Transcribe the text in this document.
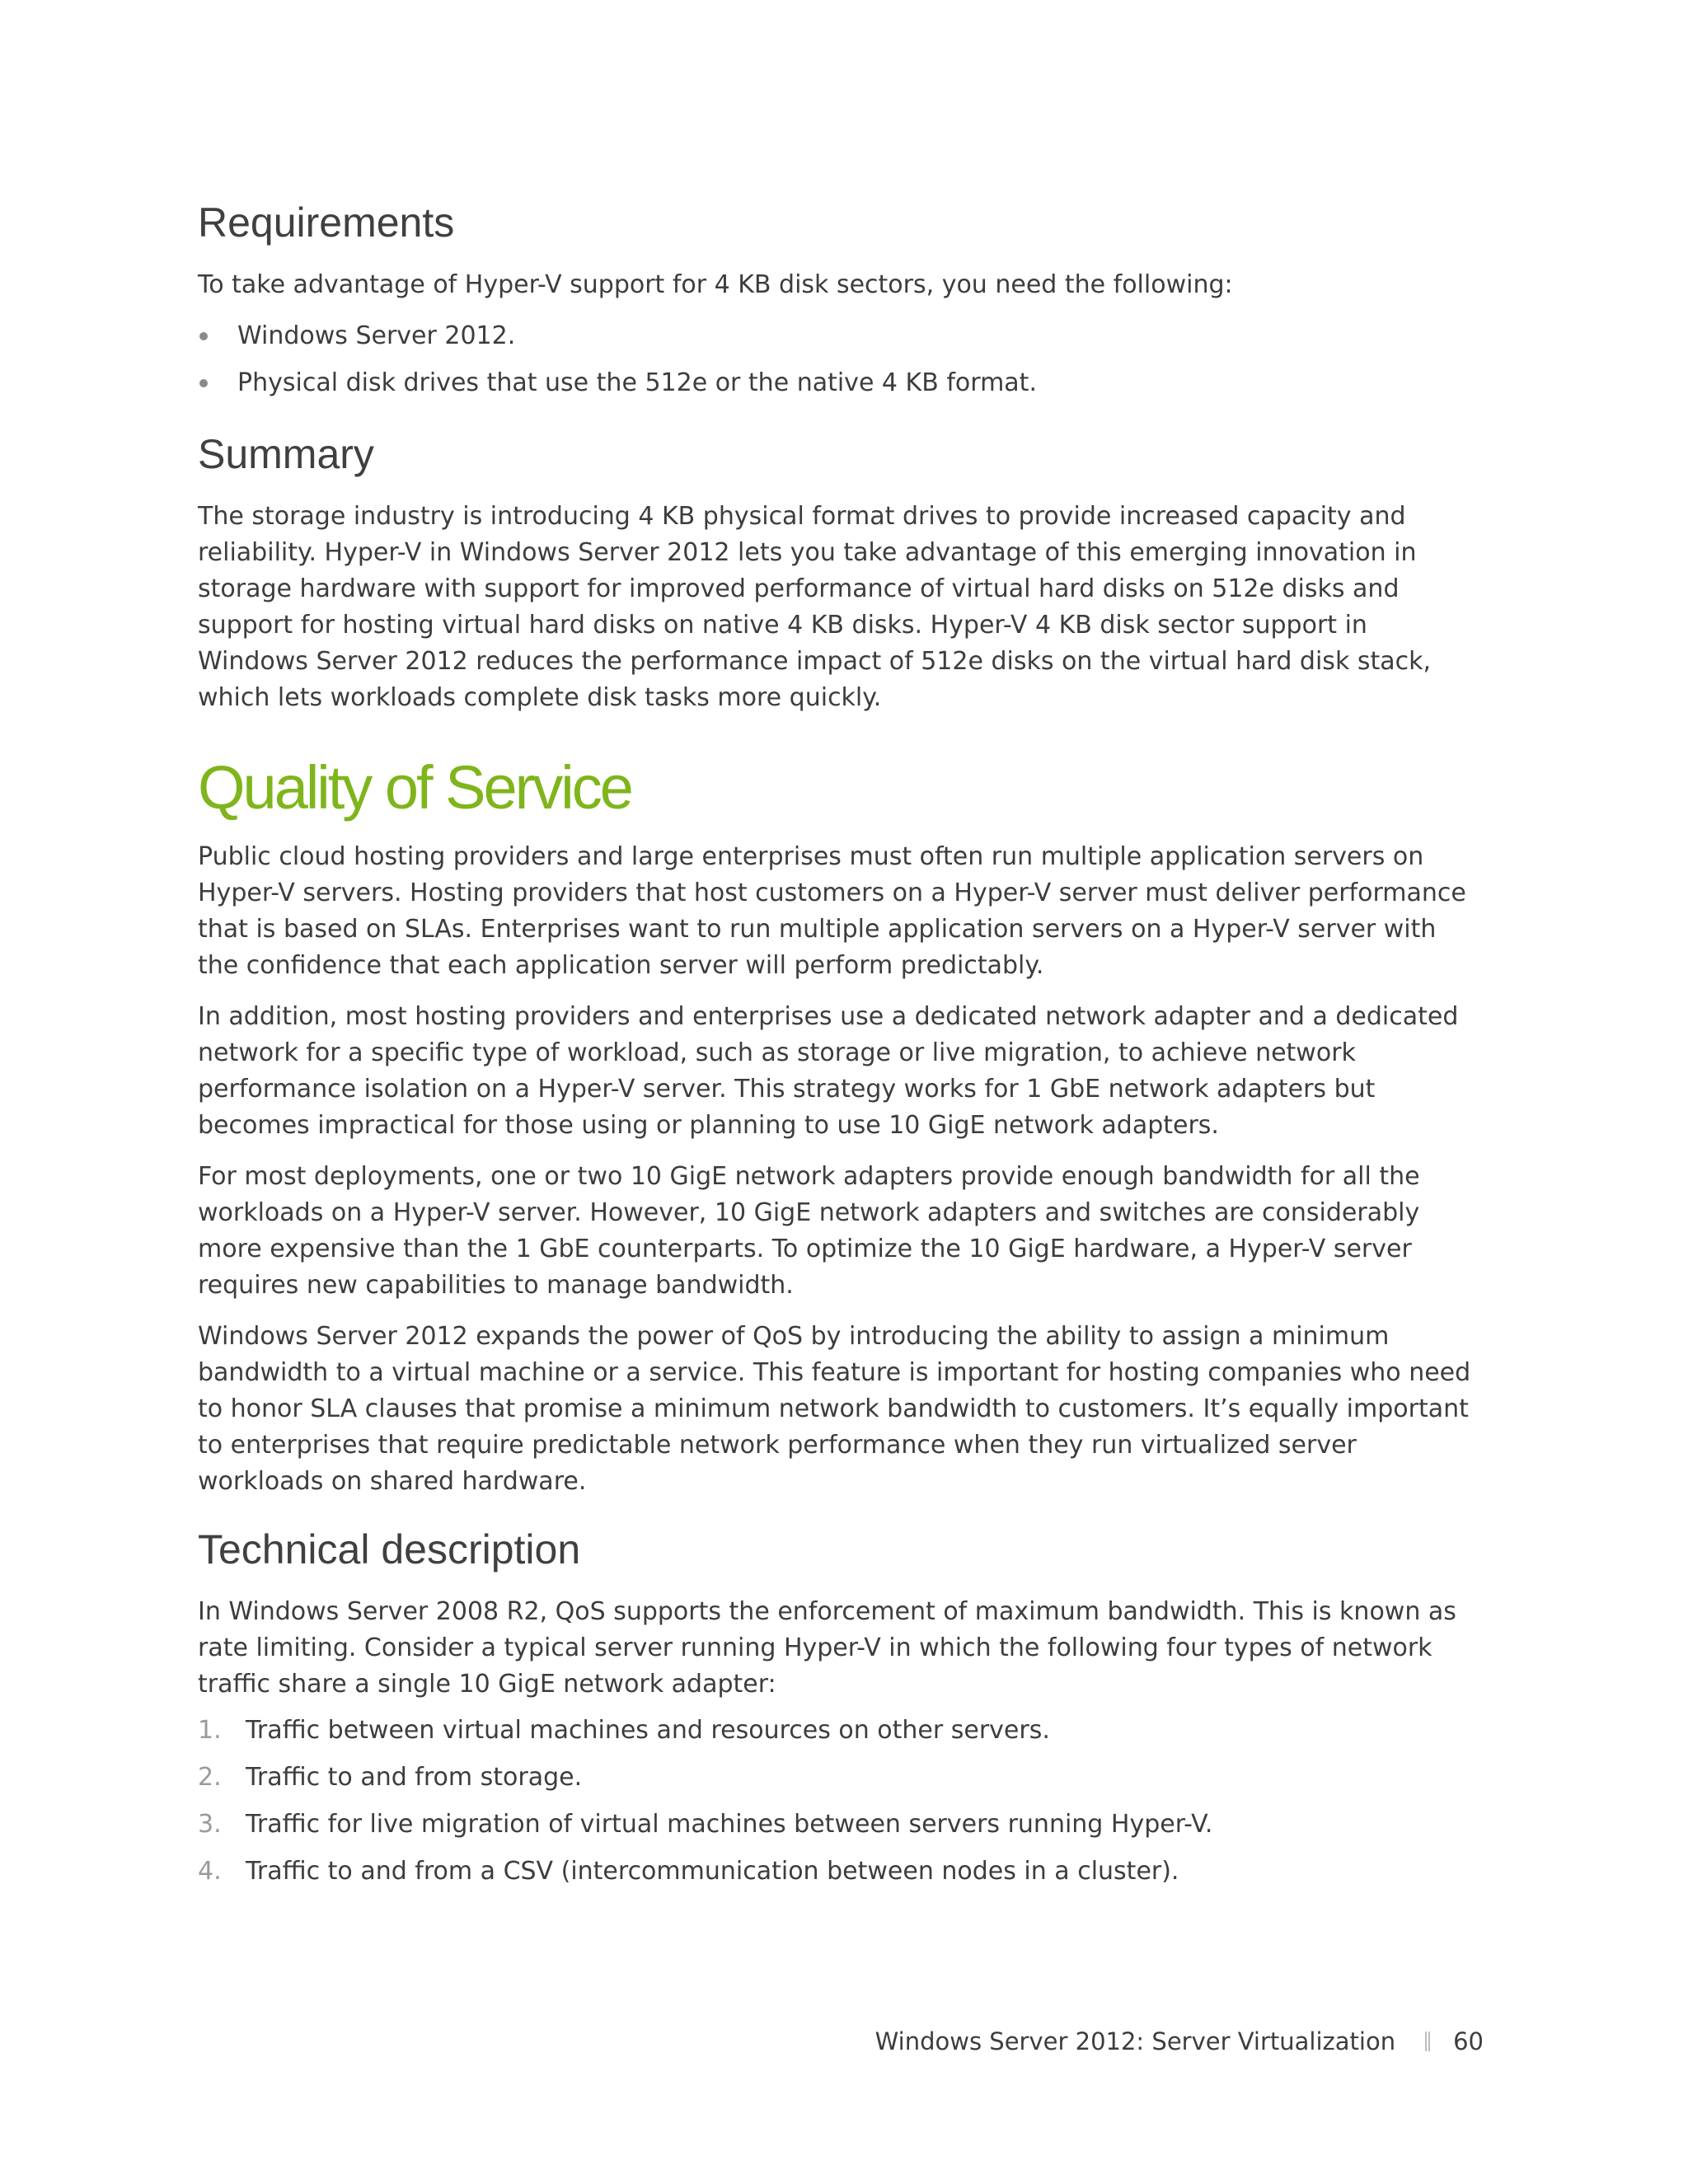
Requirements

To take advantage of Hyper-V support for 4 KB disk sectors, you need the following:

Windows Server 2012.
Physical disk drives that use the 512e or the native 4 KB format.
Summary

The storage industry is introducing 4 KB physical format drives to provide increased capacity and reliability. Hyper-V in Windows Server 2012 lets you take advantage of this emerging innovation in storage hardware with support for improved performance of virtual hard disks on 512e disks and support for hosting virtual hard disks on native 4 KB disks. Hyper-V 4 KB disk sector support in Windows Server 2012 reduces the performance impact of 512e disks on the virtual hard disk stack, which lets workloads complete disk tasks more quickly.

Quality of Service

Public cloud hosting providers and large enterprises must often run multiple application servers on Hyper-V servers. Hosting providers that host customers on a Hyper-V server must deliver performance that is based on SLAs. Enterprises want to run multiple application servers on a Hyper-V server with the confidence that each application server will perform predictably.

In addition, most hosting providers and enterprises use a dedicated network adapter and a dedicated network for a specific type of workload, such as storage or live migration, to achieve network performance isolation on a Hyper-V server. This strategy works for 1 GbE network adapters but becomes impractical for those using or planning to use 10 GigE network adapters.

For most deployments, one or two 10 GigE network adapters provide enough bandwidth for all the workloads on a Hyper-V server. However, 10 GigE network adapters and switches are considerably more expensive than the 1 GbE counterparts. To optimize the 10 GigE hardware, a Hyper-V server requires new capabilities to manage bandwidth.

Windows Server 2012 expands the power of QoS by introducing the ability to assign a minimum bandwidth to a virtual machine or a service. This feature is important for hosting companies who need to honor SLA clauses that promise a minimum network bandwidth to customers. It’s equally important to enterprises that require predictable network performance when they run virtualized server workloads on shared hardware.

Technical description

In Windows Server 2008 R2, QoS supports the enforcement of maximum bandwidth. This is known as rate limiting. Consider a typical server running Hyper-V in which the following four types of network traffic share a single 10 GigE network adapter:

1. Traffic between virtual machines and resources on other servers.
2. Traffic to and from storage.
3. Traffic for live migration of virtual machines between servers running Hyper-V.
4. Traffic to and from a CSV (intercommunication between nodes in a cluster).
Windows Server 2012: Server Virtualization 60
